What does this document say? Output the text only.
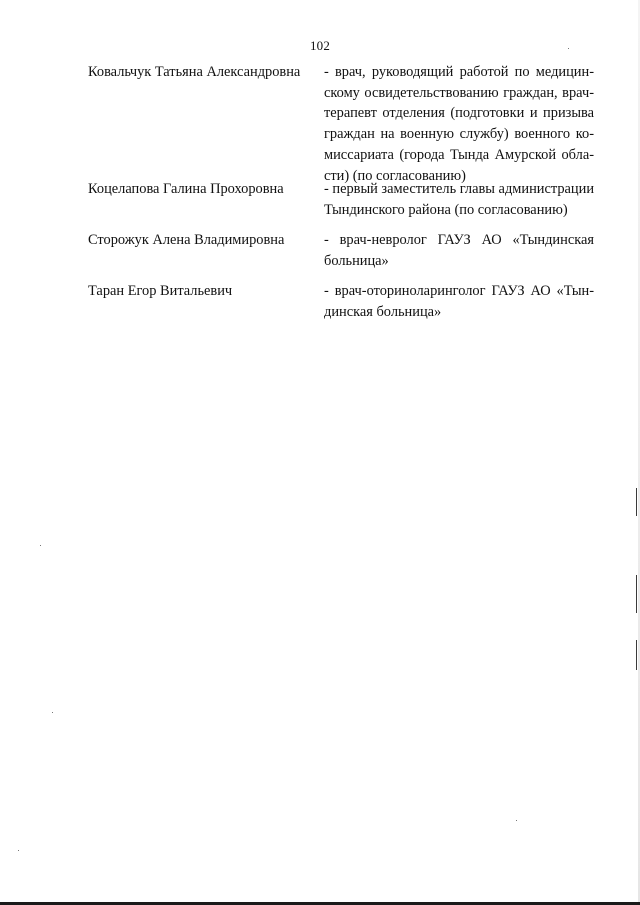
102
Ковальчук Татьяна Александровна	- врач, руководящий работой по медицинскому освидетельствованию граждан, врач-терапевт отделения (подготовки и призыва граждан на военную службу) военного комиссариата (города Тында Амурской области) (по согласованию)
Коцелапова Галина Прохоровна	- первый заместитель главы администрации Тындинского района (по согласованию)
Сторожук Алена Владимировна	- врач-невролог ГАУЗ АО «Тындинская больница»
Таран Егор Витальевич	- врач-оториноларинголог ГАУЗ АО «Тындинская больница»
